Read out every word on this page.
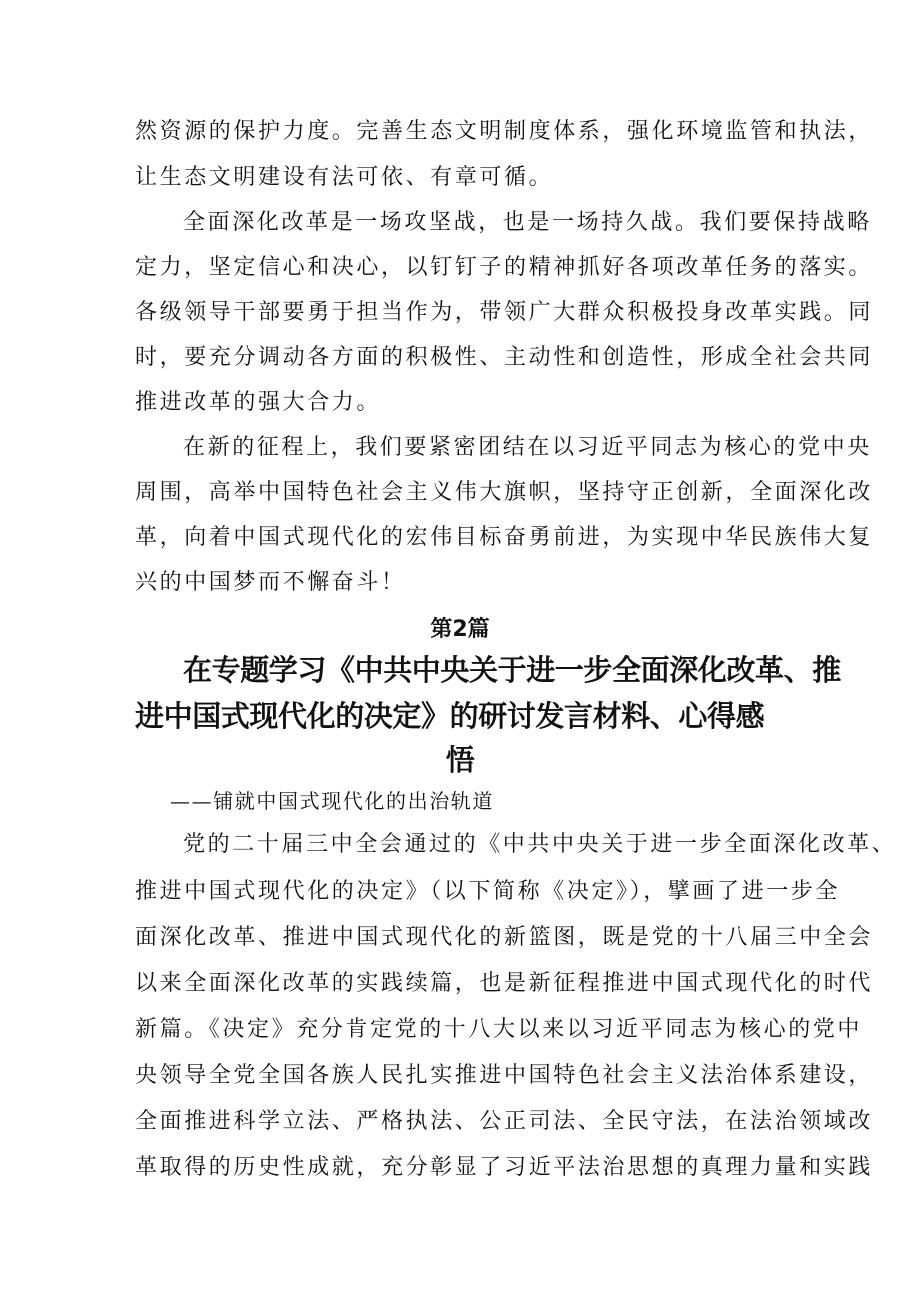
然资源的保护力度。完善生态文明制度体系，强化环境监管和执法，
让生态文明建设有法可依、有章可循。
全面深化改革是一场攻坚战，也是一场持久战。我们要保持战略
定力，坚定信心和决心，以钉钉子的精神抓好各项改革任务的落实。
各级领导干部要勇于担当作为，带领广大群众积极投身改革实践。同
时，要充分调动各方面的积极性、主动性和创造性，形成全社会共同
推进改革的强大合力。
在新的征程上，我们要紧密团结在以习近平同志为核心的党中央
周围，高举中国特色社会主义伟大旗帜，坚持守正创新，全面深化改
革，向着中国式现代化的宏伟目标奋勇前进，为实现中华民族伟大复
兴的中国梦而不懈奋斗！
第2篇
在专题学习《中共中央关于进一步全面深化改革、推
进中国式现代化的决定》的研讨发言材料、心得感
悟
——铺就中国式现代化的出治轨道
党的二十届三中全会通过的《中共中央关于进一步全面深化改革、
推进中国式现代化的决定》（以下简称《决定》），擘画了进一步全
面深化改革、推进中国式现代化的新篮图，既是党的十八届三中全会
以来全面深化改革的实践续篇，也是新征程推进中国式现代化的时代
新篇。《决定》充分肯定党的十八大以来以习近平同志为核心的党中
央领导全党全国各族人民扎实推进中国特色社会主义法治体系建设，
全面推进科学立法、严格执法、公正司法、全民守法，在法治领域改
革取得的历史性成就，充分彰显了习近平法治思想的真理力量和实践
